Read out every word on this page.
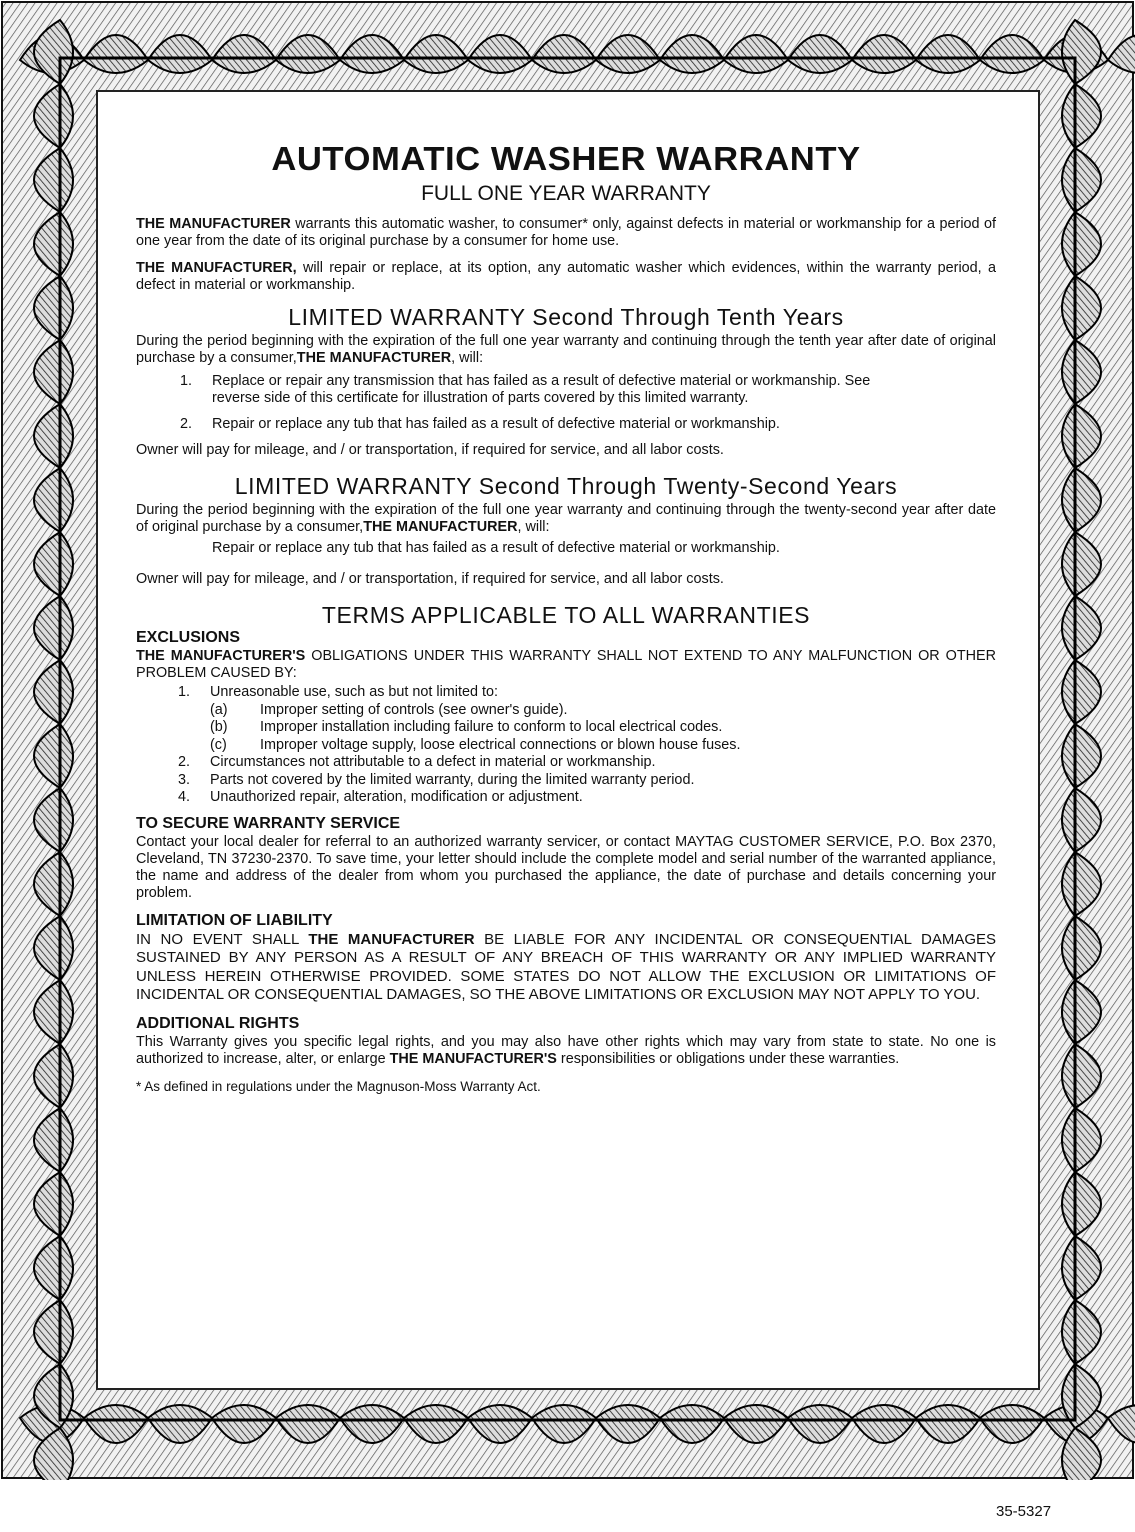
AUTOMATIC WASHER WARRANTY
FULL ONE YEAR WARRANTY

THE MANUFACTURER warrants this automatic washer, to consumer* only, against defects in material or workmanship for a period of one year from the date of its original purchase by a consumer for home use.

THE MANUFACTURER, will repair or replace, at its option, any automatic washer which evidences, within the warranty period, a defect in material or workmanship.

LIMITED WARRANTY Second Through Tenth Years

During the period beginning with the expiration of the full one year warranty and continuing through the tenth year after date of original purchase by a consumer,THE MANUFACTURER, will:

1. Replace or repair any transmission that has failed as a result of defective material or workmanship. See reverse side of this certificate for illustration of parts covered by this limited warranty.
2. Repair or replace any tub that has failed as a result of defective material or workmanship.

Owner will pay for mileage, and / or transportation, if required for service, and all labor costs.

LIMITED WARRANTY Second Through Twenty-Second Years

During the period beginning with the expiration of the full one year warranty and continuing through the twenty-second year after date of original purchase by a consumer,THE MANUFACTURER, will:

Repair or replace any tub that has failed as a result of defective material or workmanship.

Owner will pay for mileage, and / or transportation, if required for service, and all labor costs.

TERMS APPLICABLE TO ALL WARRANTIES
EXCLUSIONS

THE MANUFACTURER'S OBLIGATIONS UNDER THIS WARRANTY SHALL NOT EXTEND TO ANY MALFUNCTION OR OTHER PROBLEM CAUSED BY:

1. Unreasonable use, such as but not limited to:
(a) Improper setting of controls (see owner's guide).
(b) Improper installation including failure to conform to local electrical codes.
(c) Improper voltage supply, loose electrical connections or blown house fuses.
2. Circumstances not attributable to a defect in material or workmanship.
3. Parts not covered by the limited warranty, during the limited warranty period.
4. Unauthorized repair, alteration, modification or adjustment.
TO SECURE WARRANTY SERVICE

Contact your local dealer for referral to an authorized warranty servicer, or contact MAYTAG CUSTOMER SERVICE, P.O. Box 2370, Cleveland, TN 37230-2370. To save time, your letter should include the complete model and serial number of the warranted appliance, the name and address of the dealer from whom you purchased the appliance, the date of purchase and details concerning your problem.

LIMITATION OF LIABILITY

IN NO EVENT SHALL THE MANUFACTURER BE LIABLE FOR ANY INCIDENTAL OR CONSEQUENTIAL DAMAGES SUSTAINED BY ANY PERSON AS A RESULT OF ANY BREACH OF THIS WARRANTY OR ANY IMPLIED WARRANTY UNLESS HEREIN OTHERWISE PROVIDED. SOME STATES DO NOT ALLOW THE EXCLUSION OR LIMITATIONS OF INCIDENTAL OR CONSEQUENTIAL DAMAGES, SO THE ABOVE LIMITATIONS OR EXCLUSION MAY NOT APPLY TO YOU.

ADDITIONAL RIGHTS

This Warranty gives you specific legal rights, and you may also have other rights which may vary from state to state. No one is authorized to increase, alter, or enlarge THE MANUFACTURER'S responsibilities or obligations under these warranties.

* As defined in regulations under the Magnuson-Moss Warranty Act.

35-5327
